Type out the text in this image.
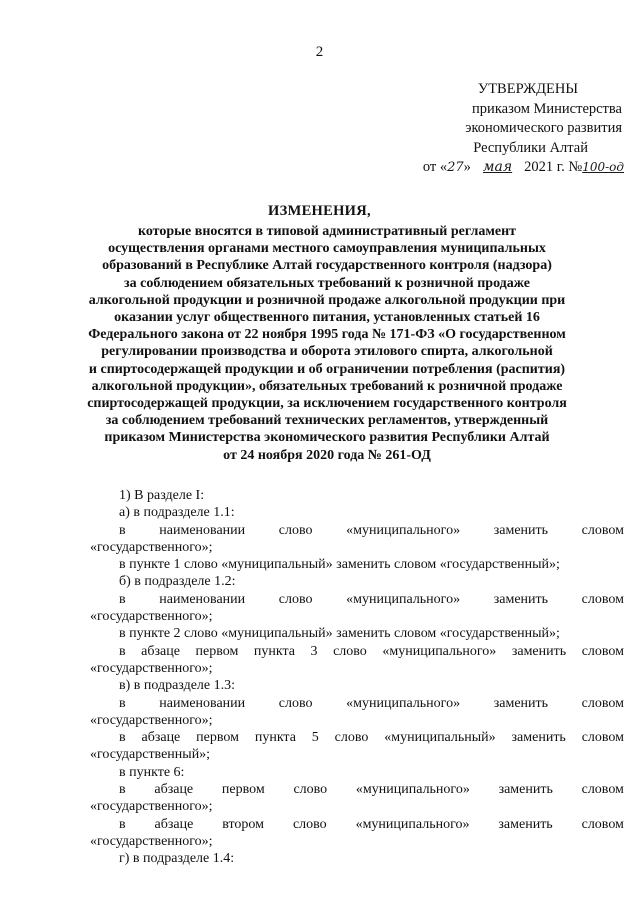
2
УТВЕРЖДЕНЫ
приказом Министерства
экономического развития
Республики Алтай
от «27» мая 2021 г. №100-од
ИЗМЕНЕНИЯ,
которые вносятся в типовой административный регламент
осуществления органами местного самоуправления муниципальных
образований в Республике Алтай государственного контроля (надзора)
за соблюдением обязательных требований к розничной продаже
алкогольной продукции и розничной продаже алкогольной продукции при
оказании услуг общественного питания, установленных статьей 16
Федерального закона от 22 ноября 1995 года № 171-ФЗ «О государственном
регулировании производства и оборота этилового спирта, алкогольной
и спиртосодержащей продукции и об ограничении потребления (распития)
алкогольной продукции», обязательных требований к розничной продаже
спиртосодержащей продукции, за исключением государственного контроля
за соблюдением требований технических регламентов, утвержденный
приказом Министерства экономического развития Республики Алтай
от 24 ноября 2020 года № 261-ОД
1) В разделе I:
а) в подразделе 1.1:
в наименовании слово «муниципального» заменить словом
«государственного»;
в пункте 1 слово «муниципальный» заменить словом «государственный»;
б) в подразделе 1.2:
в наименовании слово «муниципального» заменить словом
«государственного»;
в пункте 2 слово «муниципальный» заменить словом «государственный»;
в абзаце первом пункта 3 слово «муниципального» заменить словом
«государственного»;
в) в подразделе 1.3:
в наименовании слово «муниципального» заменить словом
«государственного»;
в абзаце первом пункта 5 слово «муниципальный» заменить словом
«государственный»;
в пункте 6:
в абзаце первом слово «муниципального» заменить словом
«государственного»;
в абзаце втором слово «муниципального» заменить словом
«государственного»;
г) в подразделе 1.4:
